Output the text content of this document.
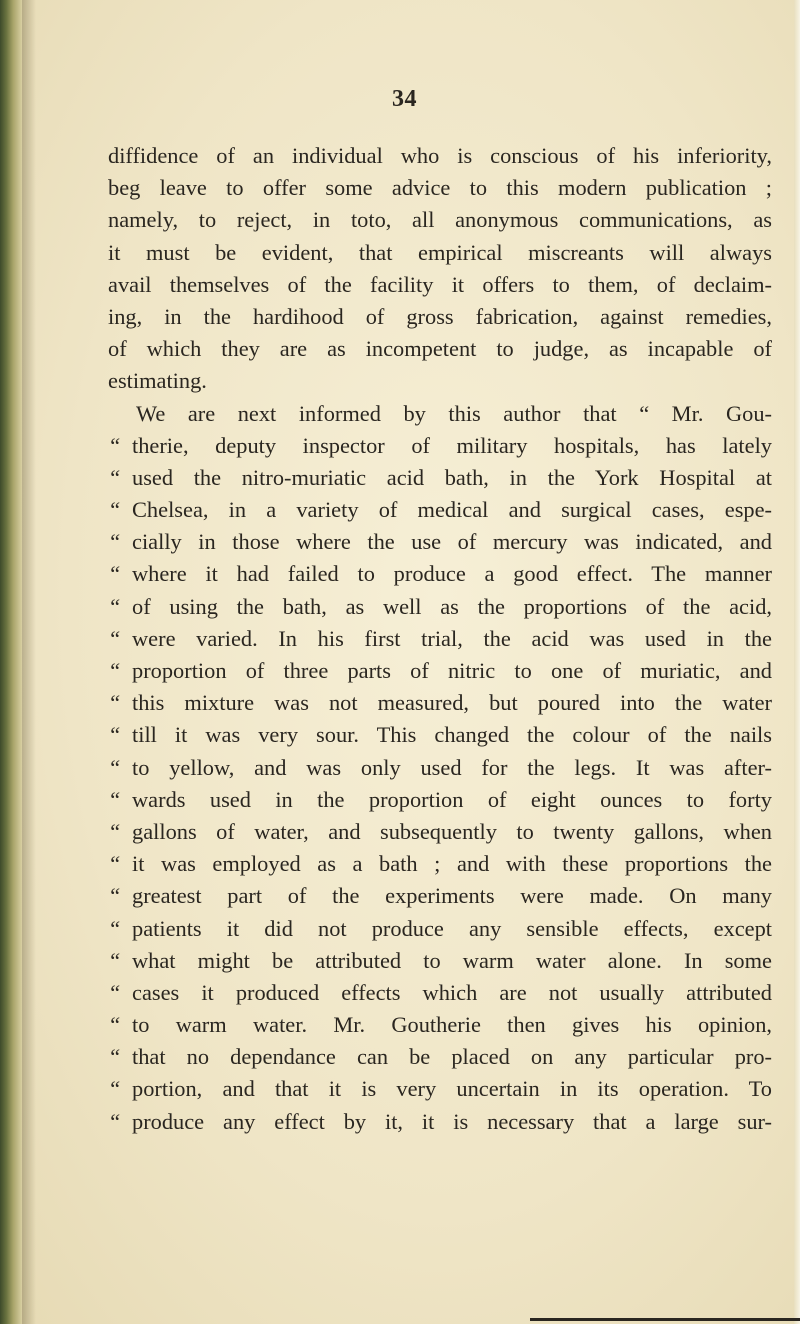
34
diffidence of an individual who is conscious of his inferiority,
beg leave to offer some advice to this modern publication ;
namely, to reject, in toto, all anonymous communications, as
it must be evident, that empirical miscreants will always
avail themselves of the facility it offers to them, of declaim-
ing, in the hardihood of gross fabrication, against remedies,
of which they are as incompetent to judge, as incapable of
estimating.
We are next informed by this author that “ Mr. Gou-
“ therie, deputy inspector of military hospitals, has lately
“ used the nitro-muriatic acid bath, in the York Hospital at
“ Chelsea, in a variety of medical and surgical cases, espe-
“ cially in those where the use of mercury was indicated, and
“ where it had failed to produce a good effect. The manner
“ of using the bath, as well as the proportions of the acid,
“ were varied. In his first trial, the acid was used in the
“ proportion of three parts of nitric to one of muriatic, and
“ this mixture was not measured, but poured into the water
“ till it was very sour. This changed the colour of the nails
“ to yellow, and was only used for the legs. It was after-
“ wards used in the proportion of eight ounces to forty
“ gallons of water, and subsequently to twenty gallons, when
“ it was employed as a bath ; and with these proportions the
“ greatest part of the experiments were made. On many
“ patients it did not produce any sensible effects, except
“ what might be attributed to warm water alone. In some
“ cases it produced effects which are not usually attributed
“ to warm water. Mr. Goutherie then gives his opinion,
“ that no dependance can be placed on any particular pro-
“ portion, and that it is very uncertain in its operation. To
“ produce any effect by it, it is necessary that a large sur-
